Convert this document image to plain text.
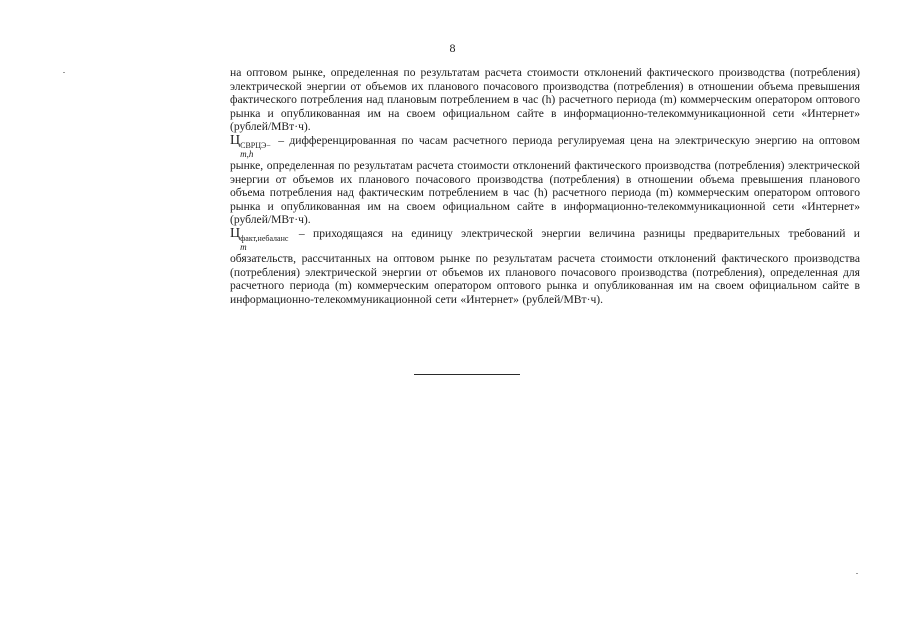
8

на оптовом рынке, определенная по результатам расчета стоимости отклонений фактического производства (потребления) электрической энергии от объемов их планового почасового производства (потребления) в отношении объема превышения фактического потребления над плановым потреблением в час (h) расчетного периода (m) коммерческим оператором оптового рынка и опубликованная им на своем официальном сайте в информационно-телекоммуникационной сети «Интернет» (рублей/МВт·ч).

Ц СВРЦЭ−
m,h
– дифференцированная по часам расчетного периода регулируемая цена на электрическую энергию на оптовом рынке, определенная по результатам расчета стоимости отклонений фактического производства (потребления) электрической энергии от объемов их планового почасового производства (потребления) в отношении объема превышения планового объема потребления над фактическим потреблением в час (h) расчетного периода (m) коммерческим оператором оптового рынка и опубликованная им на своем официальном сайте в информационно-телекоммуникационной сети «Интернет» (рублей/МВт·ч).

Ц факт,небаланс
m
– приходящаяся на единицу электрической энергии величина разницы предварительных требований и обязательств, рассчитанных на оптовом рынке по результатам расчета стоимости отклонений фактического производства (потребления) электрической энергии от объемов их планового почасового производства (потребления), определенная для расчетного периода (m) коммерческим оператором оптового рынка и опубликованная им на своем официальном сайте в информационно-телекоммуникационной сети «Интернет» (рублей/МВт·ч).
